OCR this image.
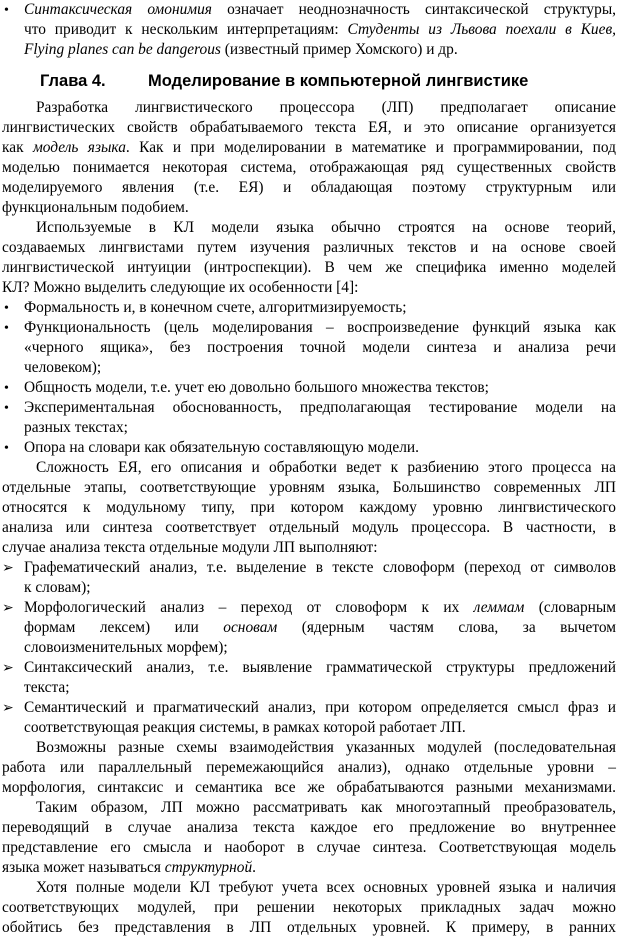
• Синтаксическая омонимия означает неоднозначность синтаксической структуры,
что приводит к нескольким интерпретациям: Студенты из Львова поехали в Киев,
Flying planes can be dangerous (известный пример Хомского) и др.
Глава 4.	Моделирование в компьютерной лингвистике
Разработка лингвистического процессора (ЛП) предполагает описание
лингвистических свойств обрабатываемого текста ЕЯ, и это описание организуется
как модель языка. Как и при моделировании в математике и программировании, под
моделью понимается некоторая система, отображающая ряд существенных свойств
моделируемого явления (т.е. ЕЯ) и обладающая поэтому структурным или
функциональным подобием.
Используемые в КЛ модели языка обычно строятся на основе теорий,
создаваемых лингвистами путем изучения различных текстов и на основе своей
лингвистической интуиции (интроспекции). В чем же специфика именно моделей
КЛ? Можно выделить следующие их особенности [4]:
• Формальность и, в конечном счете, алгоритмизируемость;
• Функциональность (цель моделирования – воспроизведение функций языка как
«черного ящика», без построения точной модели синтеза и анализа речи
человеком);
• Общность модели, т.е. учет ею довольно большого множества текстов;
• Экспериментальная обоснованность, предполагающая тестирование модели на
разных текстах;
• Опора на словари как обязательную составляющую модели.
Сложность ЕЯ, его описания и обработки ведет к разбиению этого процесса на
отдельные этапы, соответствующие уровням языка, Большинство современных ЛП
относятся к модульному типу, при котором каждому уровню лингвистического
анализа или синтеза соответствует отдельный модуль процессора. В частности, в
случае анализа текста отдельные модули ЛП выполняют:
➢ Графематический анализ, т.е. выделение в тексте словоформ (переход от символов
к словам);
➢ Морфологический анализ – переход от словоформ к их леммам (словарным
формам лексем) или основам (ядерным частям слова, за вычетом
словоизменительных морфем);
➢ Синтаксический анализ, т.е. выявление грамматической структуры предложений
текста;
➢ Семантический и прагматический анализ, при котором определяется смысл фраз и
соответствующая реакция системы, в рамках которой работает ЛП.
Возможны разные схемы взаимодействия указанных модулей (последовательная
работа или параллельный перемежающийся анализ), однако отдельные уровни –
морфология, синтаксис и семантика все же обрабатываются разными механизмами.
Таким образом, ЛП можно рассматривать как многоэтапный преобразователь,
переводящий в случае анализа текста каждое его предложение во внутреннее
представление его смысла и наоборот в случае синтеза. Соответствующая модель
языка может называться структурной.
Хотя полные модели КЛ требуют учета всех основных уровней языка и наличия
соответствующих модулей, при решении некоторых прикладных задач можно
обойтись без представления в ЛП отдельных уровней. К примеру, в ранних
